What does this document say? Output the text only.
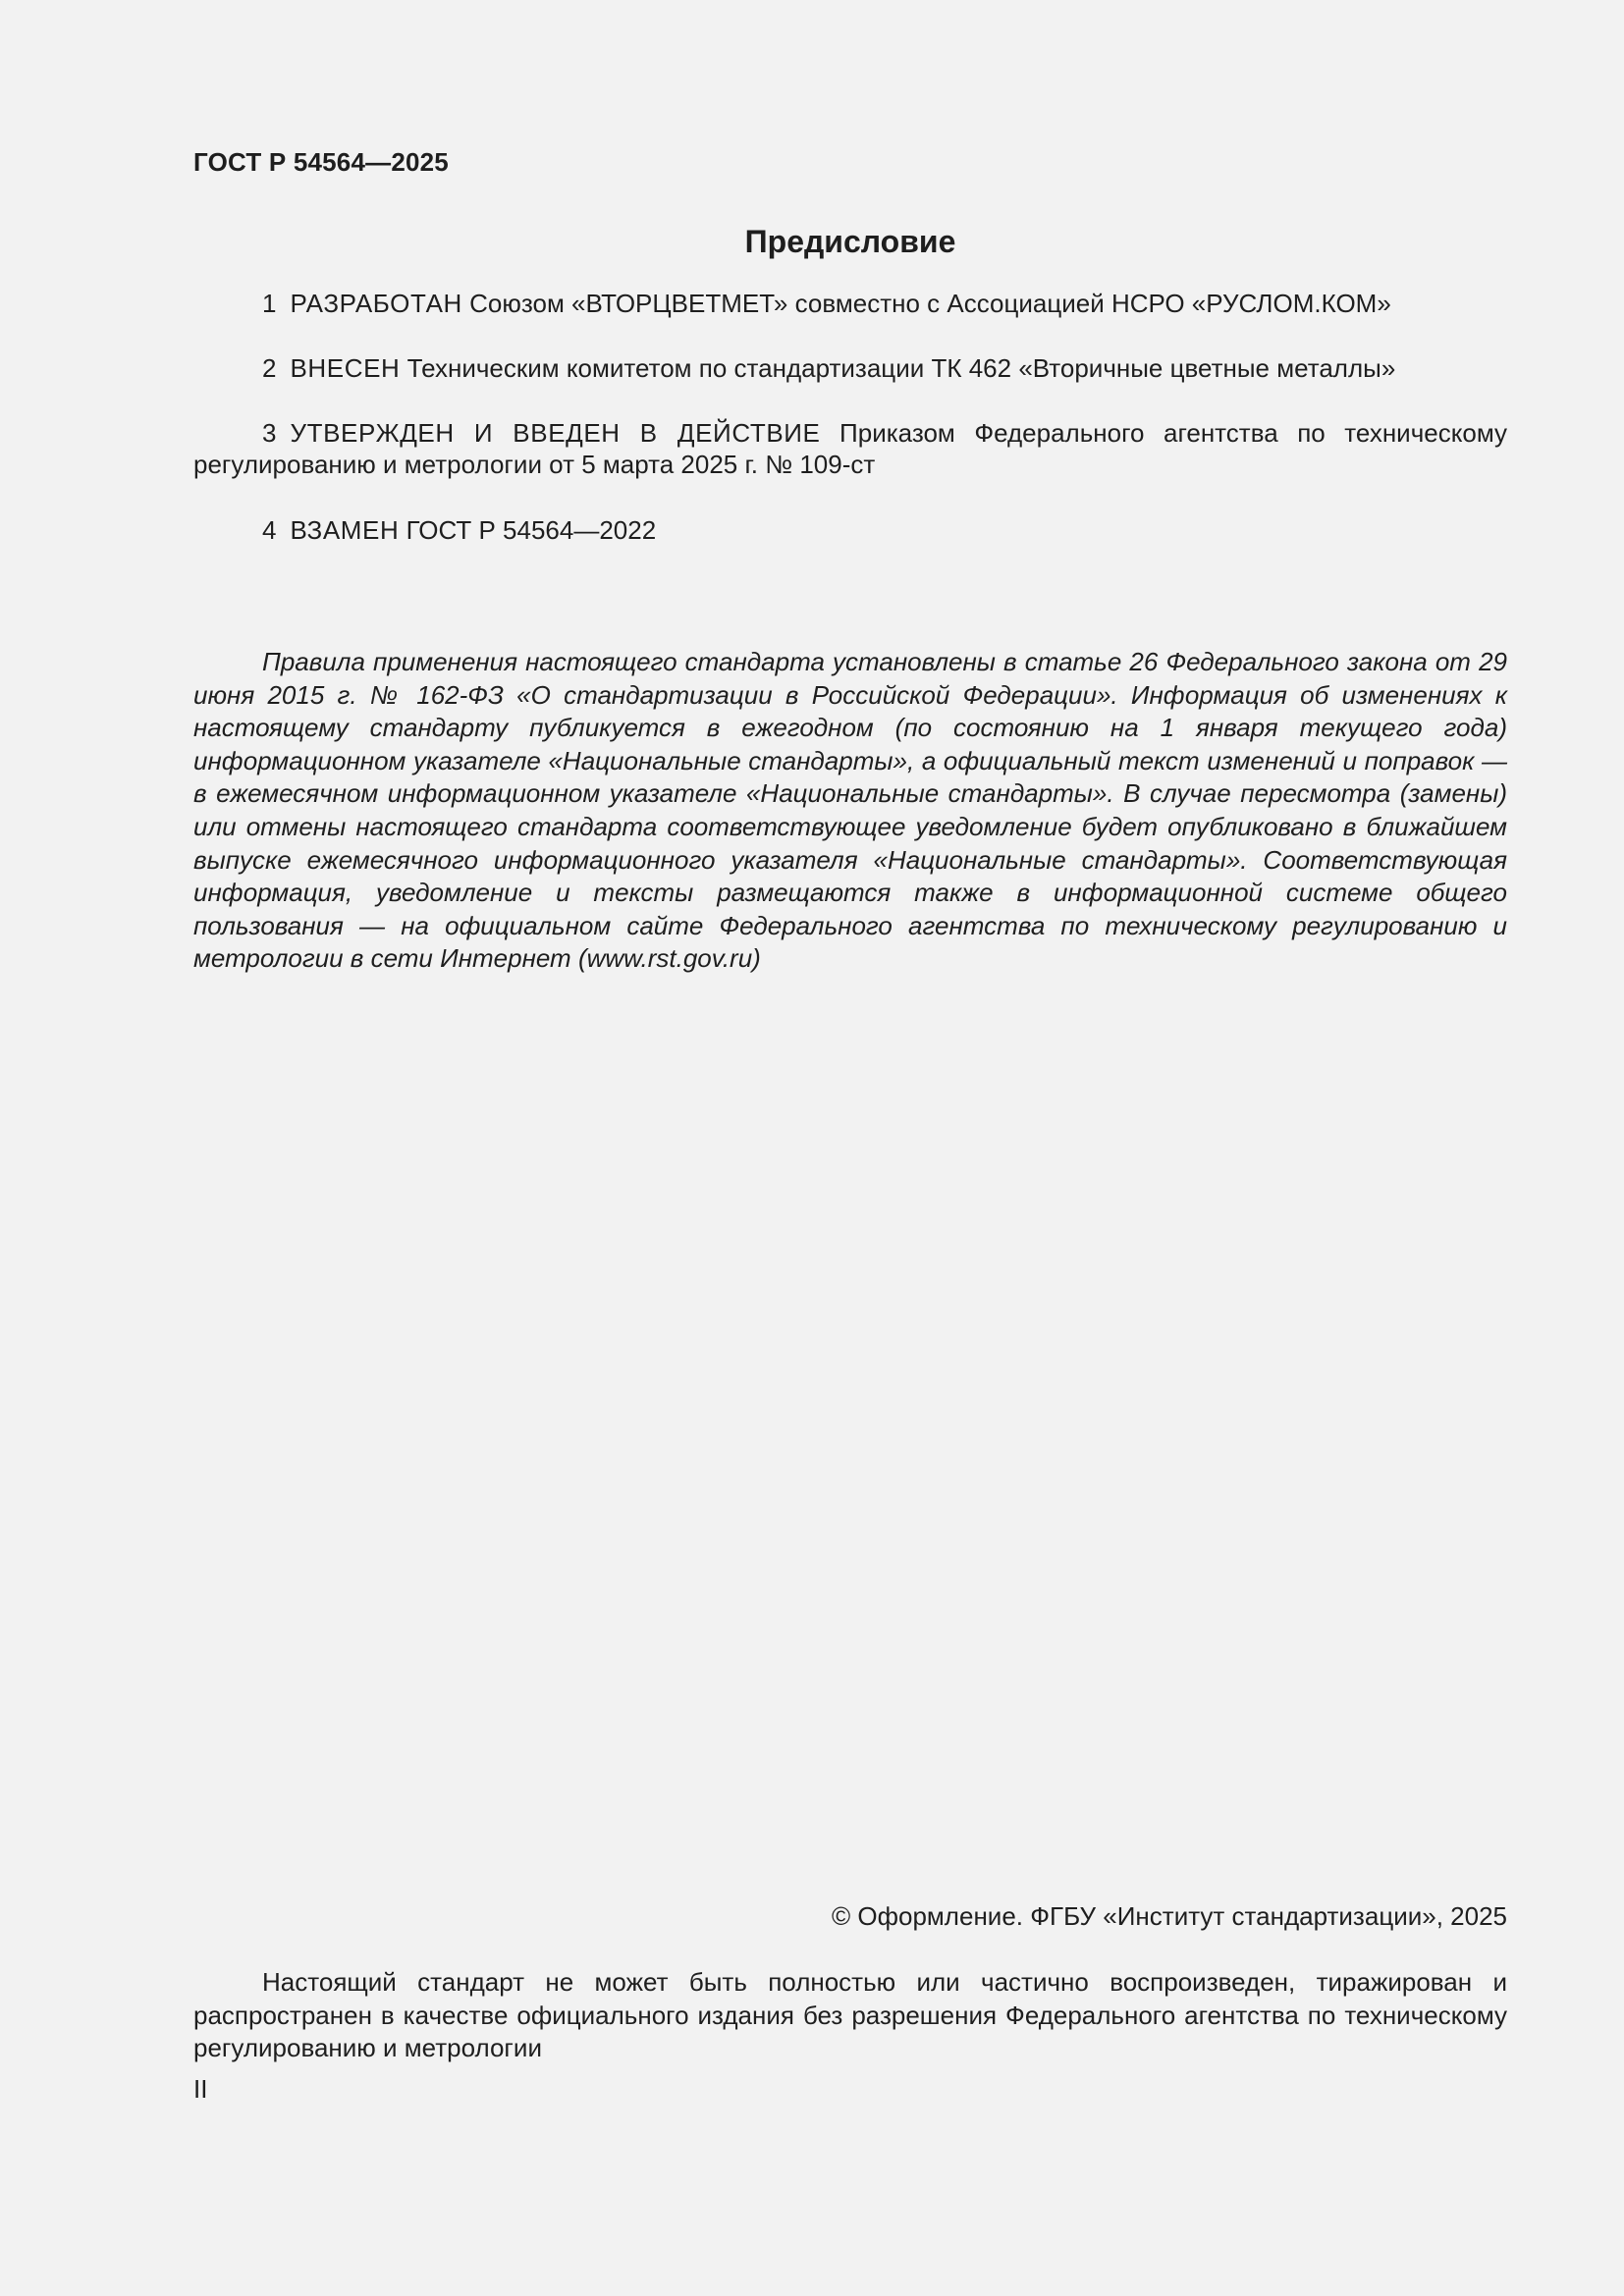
ГОСТ Р 54564—2025
Предисловие
1 РАЗРАБОТАН Союзом «ВТОРЦВЕТМЕТ» совместно с Ассоциацией НСРО «РУСЛОМ.КОМ»
2 ВНЕСЕН Техническим комитетом по стандартизации ТК 462 «Вторичные цветные металлы»
3 УТВЕРЖДЕН И ВВЕДЕН В ДЕЙСТВИЕ Приказом Федерального агентства по техническому регулированию и метрологии от 5 марта 2025 г. № 109-ст
4 ВЗАМЕН ГОСТ Р 54564—2022
Правила применения настоящего стандарта установлены в статье 26 Федерального закона от 29 июня 2015 г. № 162-ФЗ «О стандартизации в Российской Федерации». Информация об изменениях к настоящему стандарту публикуется в ежегодном (по состоянию на 1 января текущего года) информационном указателе «Национальные стандарты», а официальный текст изменений и поправок — в ежемесячном информационном указателе «Национальные стандарты». В случае пересмотра (замены) или отмены настоящего стандарта соответствующее уведомление будет опубликовано в ближайшем выпуске ежемесячного информационного указателя «Национальные стандарты». Соответствующая информация, уведомление и тексты размещаются также в информационной системе общего пользования — на официальном сайте Федерального агентства по техническому регулированию и метрологии в сети Интернет (www.rst.gov.ru)
© Оформление. ФГБУ «Институт стандартизации», 2025
Настоящий стандарт не может быть полностью или частично воспроизведен, тиражирован и распространен в качестве официального издания без разрешения Федерального агентства по техническому регулированию и метрологии
II
